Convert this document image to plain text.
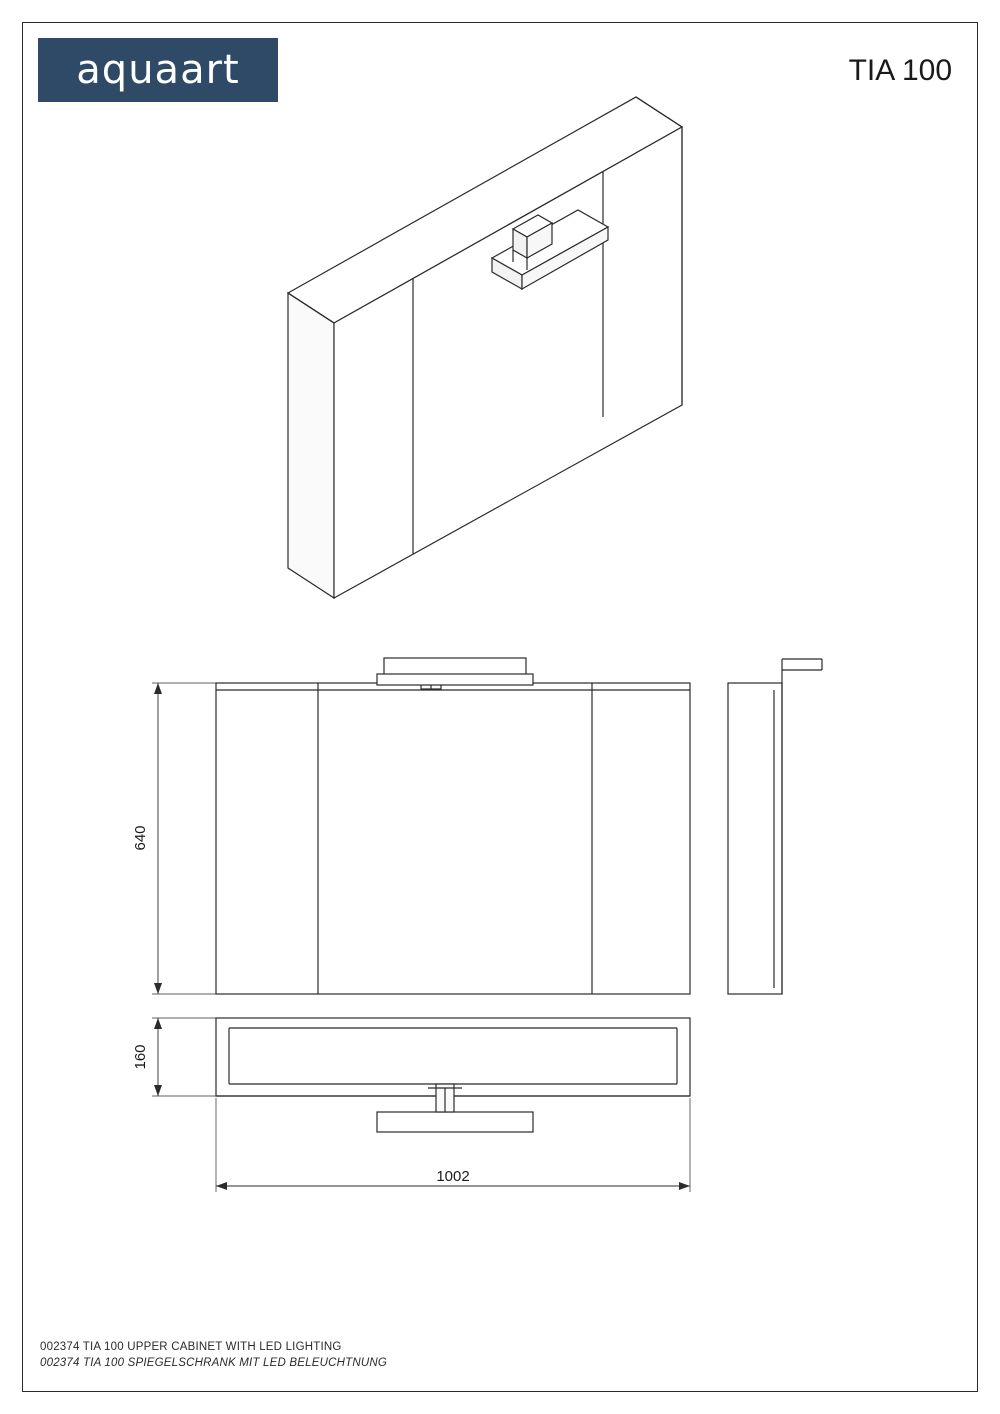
aquaart	TIA 100
640
160
1002
002374 TIA 100 UPPER CABINET WITH LED LIGHTING
002374 TIA 100 SPIEGELSCHRANK MIT LED BELEUCHTNUNG
